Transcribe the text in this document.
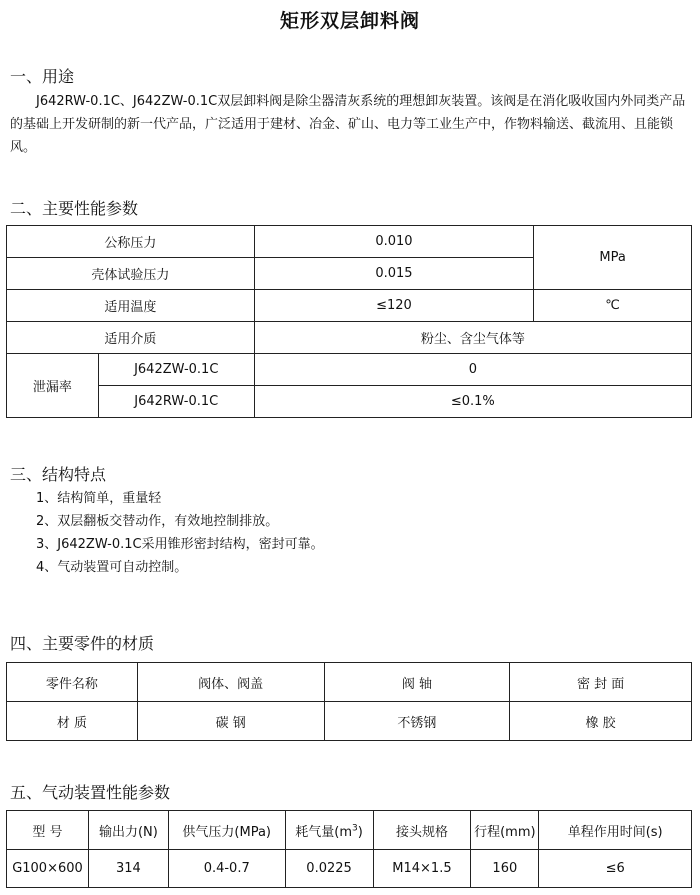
矩形双层卸料阀
一、用途
J642RW-0.1C、J642ZW-0.1C双层卸料阀是除尘器清灰系统的理想卸灰装置。该阀是在消化吸收国内外同类产品的基础上开发研制的新一代产品，广泛适用于建材、冶金、矿山、电力等工业生产中，作物料输送、截流用、且能锁风。
二、主要性能参数
公称压力		0.010	MPa
壳体试验压力		0.015	
适用温度		≤120	℃
适用介质		粉尘、含尘气体等	
泄漏率	J642ZW-0.1C	0	
	J642RW-0.1C	≤0.1%	
三、结构特点
1、结构简单，重量轻
2、双层翻板交替动作，有效地控制排放。
3、J642ZW-0.1C采用锥形密封结构，密封可靠。
4、气动装置可自动控制。
四、主要零件的材质
零件名称	阀体、阀盖	阀 轴	密 封 面
材 质	碳 钢	不锈钢	橡 胶
五、气动装置性能参数
型 号	输出力(N)	供气压力(MPa)	耗气量$(m^3)$	接头规格	行程(mm)	单程作用时间(s)
G100×600	314	0.4-0.7	0.0225	M14×1.5	160	≤6
